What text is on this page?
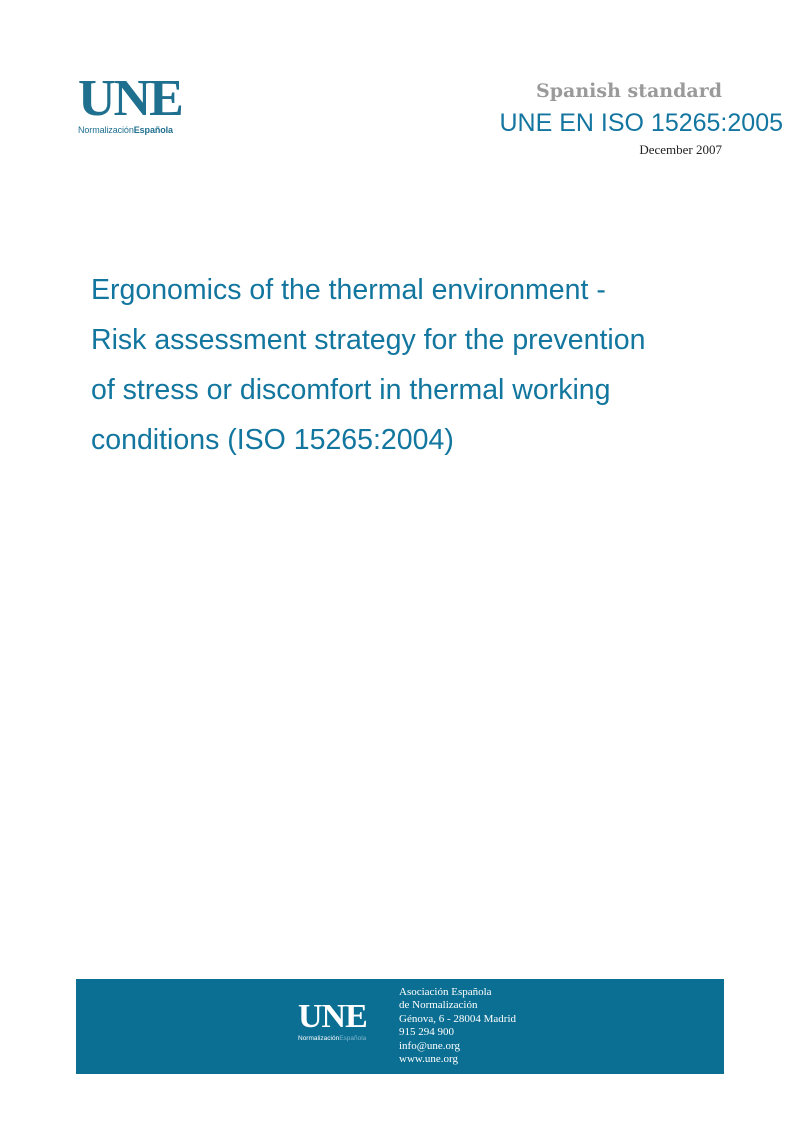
UNE
NormalizaciónEspañola
Spanish standard
UNE EN ISO 15265:2005
December 2007
Ergonomics of the thermal environment -
Risk assessment strategy for the prevention
of stress or discomfort in thermal working
conditions (ISO 15265:2004)
UNE
NormalizaciónEspañola
Asociación Española
de Normalización
Génova, 6 - 28004 Madrid
915 294 900
info@une.org
www.une.org
